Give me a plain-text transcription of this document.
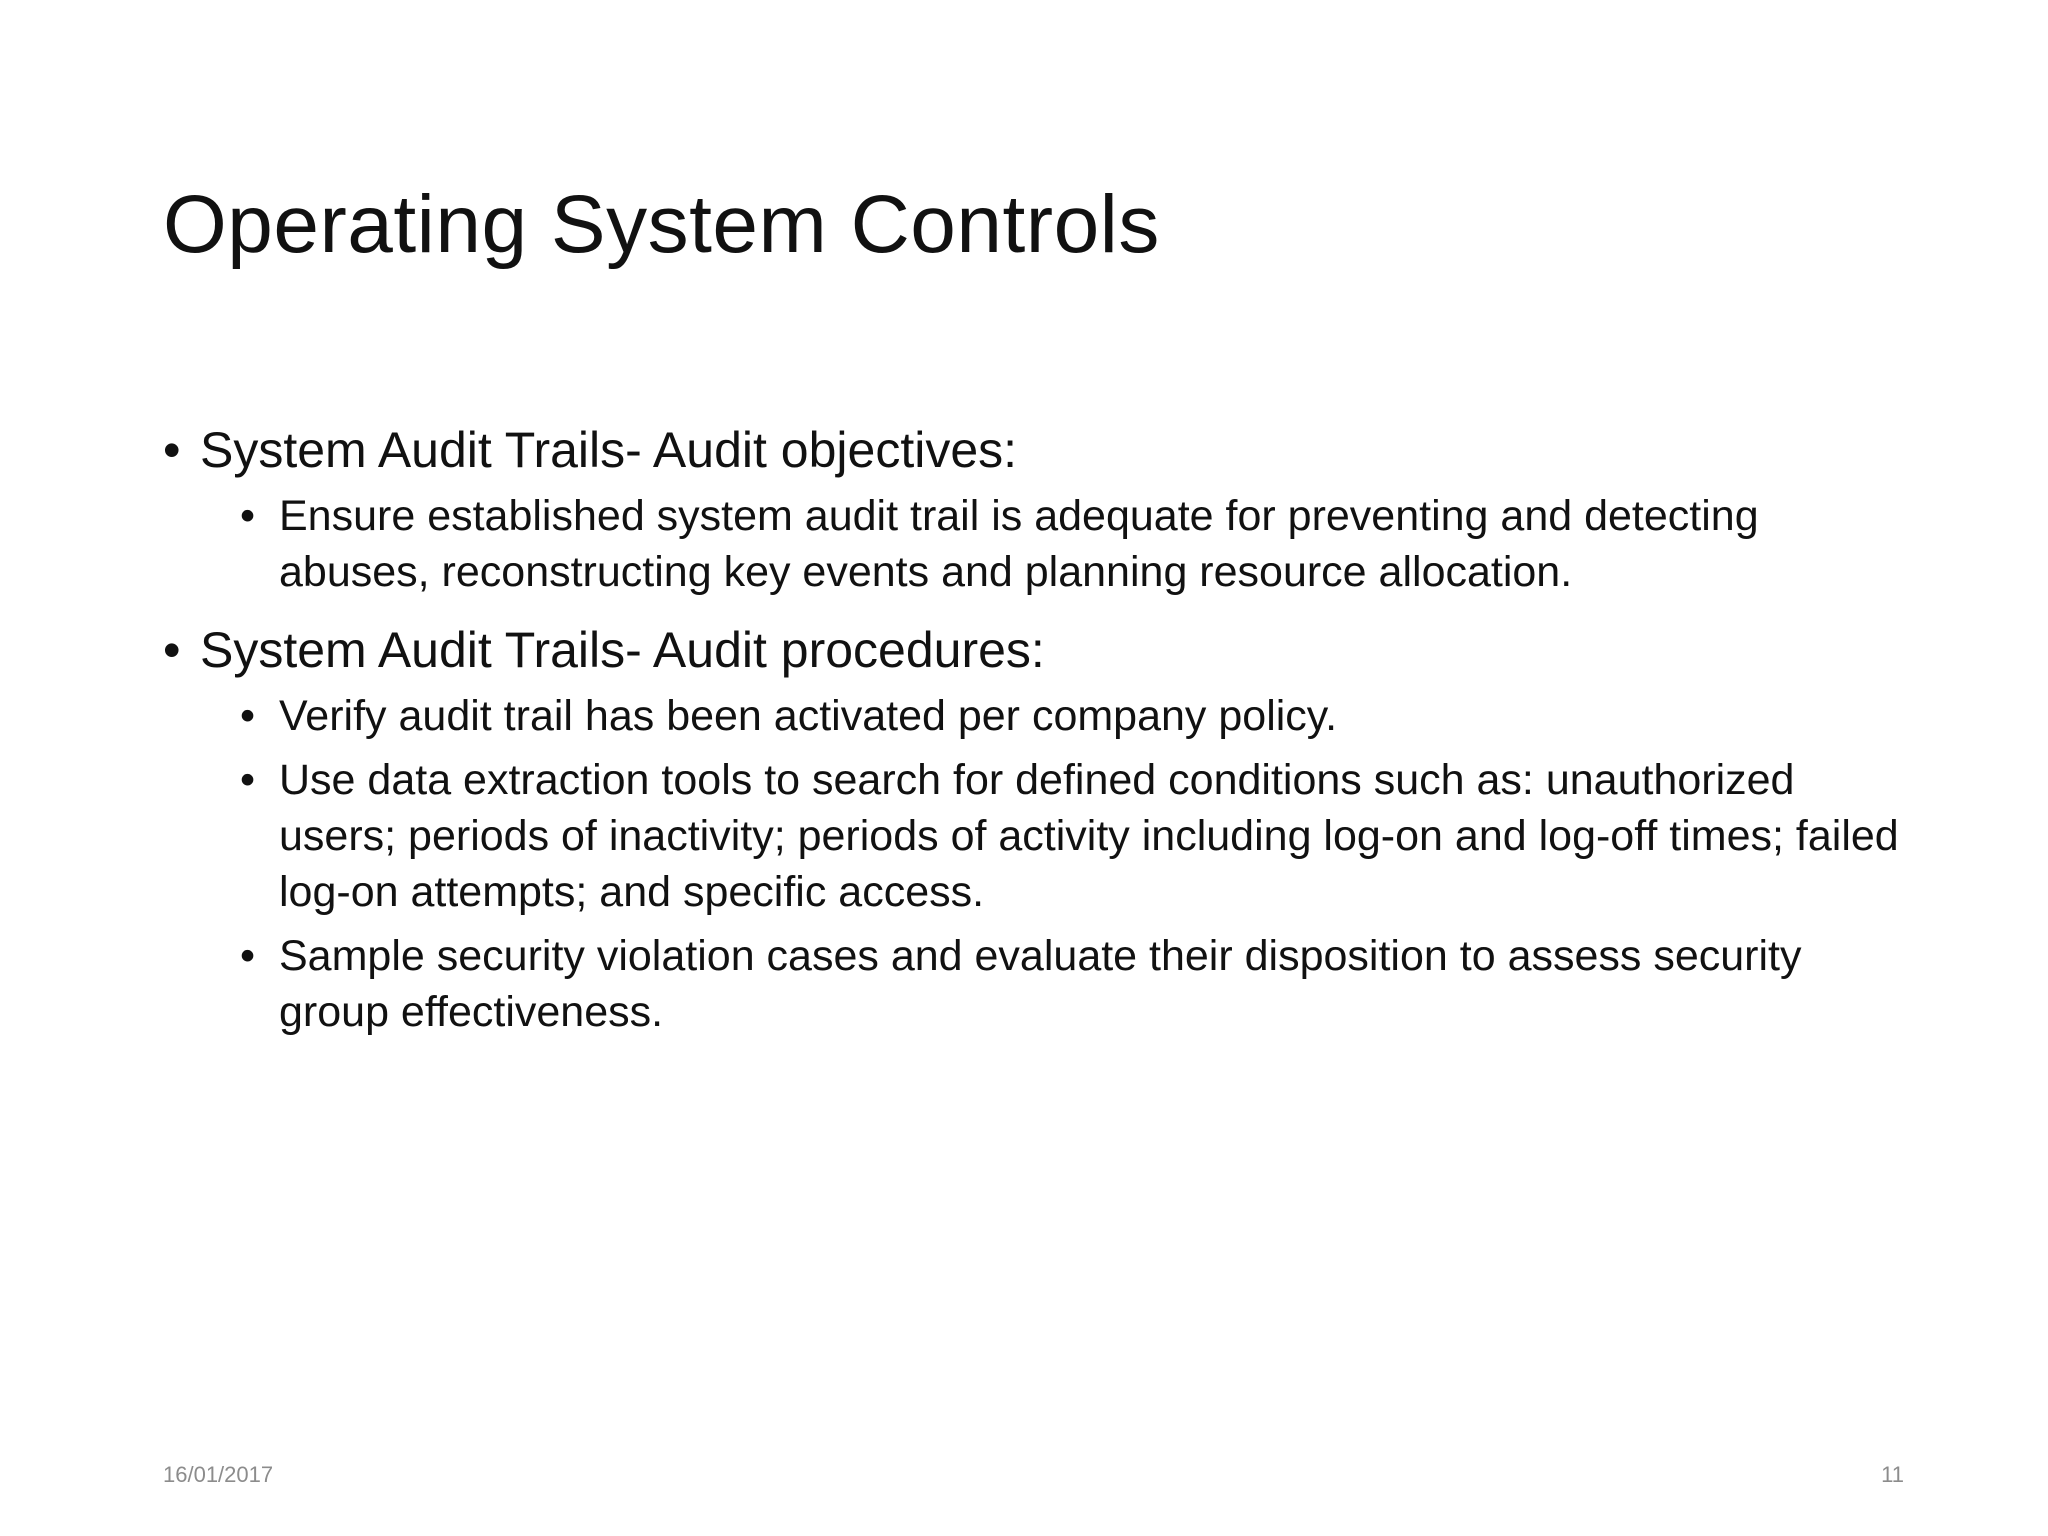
Operating System Controls
• System Audit Trails- Audit objectives:
• Ensure established system audit trail is adequate for preventing and detecting abuses, reconstructing key events and planning resource allocation.
• System Audit Trails- Audit procedures:
• Verify audit trail has been activated per company policy.
• Use data extraction tools to search for defined conditions such as: unauthorized users; periods of inactivity; periods of activity including log-on and log-off times; failed log-on attempts; and specific access.
• Sample security violation cases and evaluate their disposition to assess security group effectiveness.
16/01/2017	11
